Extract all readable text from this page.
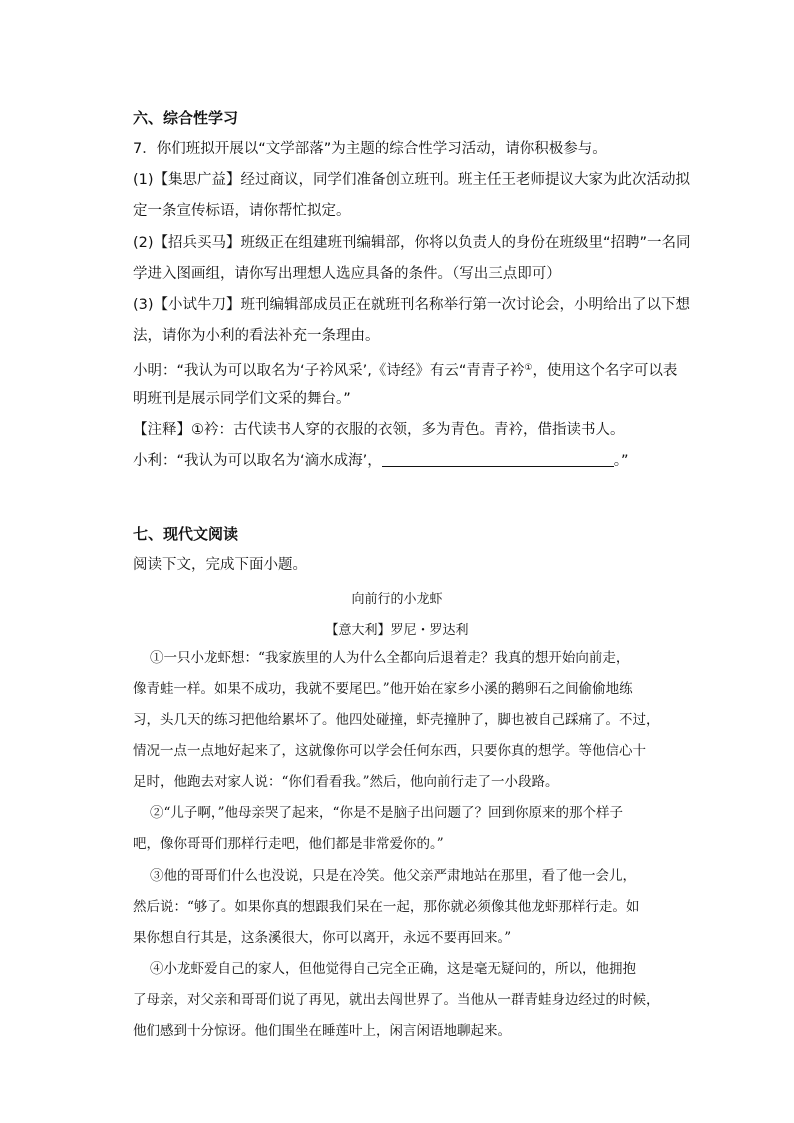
六、综合性学习
7．你们班拟开展以“文学部落”为主题的综合性学习活动，请你积极参与。
(1)【集思广益】经过商议，同学们准备创立班刊。班主任王老师提议大家为此次活动拟
定一条宣传标语，请你帮忙拟定。
(2)【招兵买马】班级正在组建班刊编辑部，你将以负责人的身份在班级里“招聘”一名同
学进入图画组，请你写出理想人选应具备的条件。（写出三点即可）
(3)【小试牛刀】班刊编辑部成员正在就班刊名称举行第一次讨论会，小明给出了以下想
法，请你为小利的看法补充一条理由。
小明：“我认为可以取名为‘子衿风采’,《诗经》有云“青青子衿①，使用这个名字可以表
明班刊是展示同学们文采的舞台。”
【注释】①衿：古代读书人穿的衣服的衣领，多为青色。青衿，借指读书人。
小利：“我认为可以取名为‘滴水成海’，	。”
七、现代文阅读
阅读下文，完成下面小题。
向前行的小龙虾
【意大利】罗尼・罗达利
①一只小龙虾想：“我家族里的人为什么全都向后退着走？我真的想开始向前走，
像青蛙一样。如果不成功，我就不要尾巴。”他开始在家乡小溪的鹅卵石之间偷偷地练
习，头几天的练习把他给累坏了。他四处碰撞，虾壳撞肿了，脚也被自己踩痛了。不过，
情况一点一点地好起来了，这就像你可以学会任何东西，只要你真的想学。等他信心十
足时，他跑去对家人说：“你们看看我。”然后，他向前行走了一小段路。
②“儿子啊，”他母亲哭了起来，“你是不是脑子出问题了？回到你原来的那个样子
吧，像你哥哥们那样行走吧，他们都是非常爱你的。”
③他的哥哥们什么也没说，只是在冷笑。他父亲严肃地站在那里，看了他一会儿，
然后说：“够了。如果你真的想跟我们呆在一起，那你就必须像其他龙虾那样行走。如
果你想自行其是，这条溪很大，你可以离开，永远不要再回来。”
④小龙虾爱自己的家人，但他觉得自己完全正确，这是毫无疑问的，所以，他拥抱
了母亲，对父亲和哥哥们说了再见，就出去闯世界了。当他从一群青蛙身边经过的时候，
他们感到十分惊讶。他们围坐在睡莲叶上，闲言闲语地聊起来。
